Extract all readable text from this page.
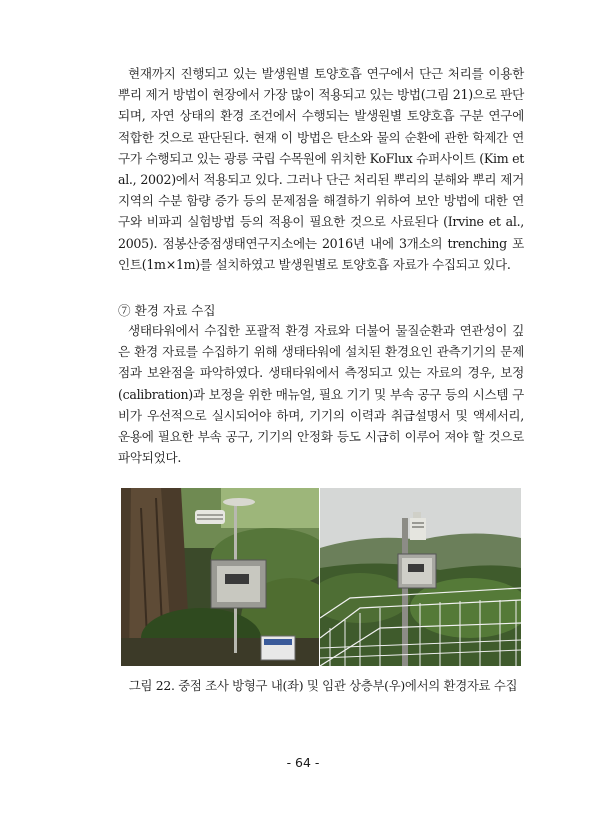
현재까지 진행되고 있는 발생원별 토양호흡 연구에서 단근 처리를 이용한 뿌리 제거 방법이 현장에서 가장 많이 적용되고 있는 방법(그림 21)으로 판단되며, 자연 상태의 환경 조건에서 수행되는 발생원별 토양호흡 구분 연구에 적합한 것으로 판단된다. 현재 이 방법은 탄소와 물의 순환에 관한 학제간 연구가 수행되고 있는 광릉 국립 수목원에 위치한 KoFlux 슈퍼사이트 (Kim et al., 2002)에서 적용되고 있다. 그러나 단근 처리된 뿌리의 분해와 뿌리 제거 지역의 수분 함량 증가 등의 문제점을 해결하기 위하여 보안 방법에 대한 연구와 비파괴 실험방법 등의 적용이 필요한 것으로 사료된다 (Irvine et al., 2005). 점봉산중점생태연구지소에는 2016년 내에 3개소의 trenching 포인트(1m×1m)를 설치하였고 발생원별로 토양호흡 자료가 수집되고 있다.

⑦ 환경 자료 수집

생태타워에서 수집한 포괄적 환경 자료와 더불어 물질순환과 연관성이 깊은 환경 자료를 수집하기 위해 생태타워에 설치된 환경요인 관측기기의 문제점과 보완점을 파악하였다. 생태타워에서 측정되고 있는 자료의 경우, 보정(calibration)과 보정을 위한 매뉴얼, 필요 기기 및 부속 공구 등의 시스템 구비가 우선적으로 실시되어야 하며, 기기의 이력과 취급설명서 및 액세서리, 운용에 필요한 부속 공구, 기기의 안정화 등도 시급히 이루어 져야 할 것으로 파악되었다.

그림 22. 중점 조사 방형구 내(좌) 및 임관 상층부(우)에서의 환경자료 수집

- 64 -
